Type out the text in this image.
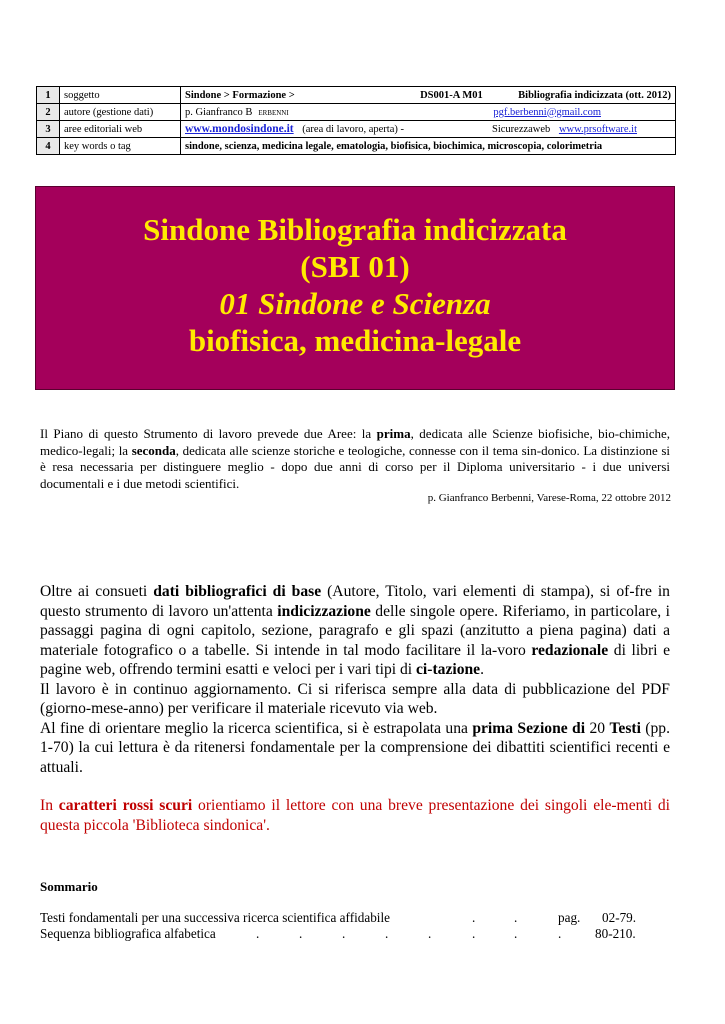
1	soggetto	Sindone > Formazione > DS001-A M01 Bibliografia indicizzata (ott. 2012)

2	autore (gestione dati)	p. Gianfranco B erbenni pgf.berbenni@gmail.com

3	aree editoriali web	www.mondosindone.it (area di lavoro, aperta) - Sicurezzaweb www.prsoftware.it

4	key words o tag	sindone, scienza, medicina legale, ematologia, biofisica, biochimica, microscopia, colorimetria
Sindone Bibliografia indicizzata
(SBI 01)
01 Sindone e Scienza
biofisica, medicina-legale
Il Piano di questo Strumento di lavoro prevede due Aree: la prima, dedicata alle Scienze biofisiche, bio-chimiche, medico-legali; la seconda, dedicata alle scienze storiche e teologiche, connesse con il tema sin-donico. La distinzione si è resa necessaria per distinguere meglio - dopo due anni di corso per il Diploma universitario - i due universi documentali e i due metodi scientifici.
p. Gianfranco Berbenni, Varese-Roma, 22 ottobre 2012

Oltre ai consueti dati bibliografici di base (Autore, Titolo, vari elementi di stampa), si of-fre in questo strumento di lavoro un'attenta indicizzazione delle singole opere. Riferiamo, in particolare, i passaggi pagina di ogni capitolo, sezione, paragrafo e gli spazi (anzitutto a piena pagina) dati a materiale fotografico o a tabelle. Si intende in tal modo facilitare il la-voro redazionale di libri e pagine web, offrendo termini esatti e veloci per i vari tipi di ci-tazione.

Il lavoro è in continuo aggiornamento. Ci si riferisca sempre alla data di pubblicazione del PDF (giorno-mese-anno) per verificare il materiale ricevuto via web.

Al fine di orientare meglio la ricerca scientifica, si è estrapolata una prima Sezione di 20 Testi (pp. 1-70) la cui lettura è da ritenersi fondamentale per la comprensione dei dibattiti scientifici recenti e attuali.

In caratteri rossi scuri orientiamo il lettore con una breve presentazione dei singoli ele-menti di questa piccola 'Biblioteca sindonica'.

Sommario
Testi fondamentali per una successiva ricerca scientifica affidabile	.	.	pag. 02-79.
Sequenza bibliografica alfabetica	.	.	.	.	.	.	.	.	80-210.
